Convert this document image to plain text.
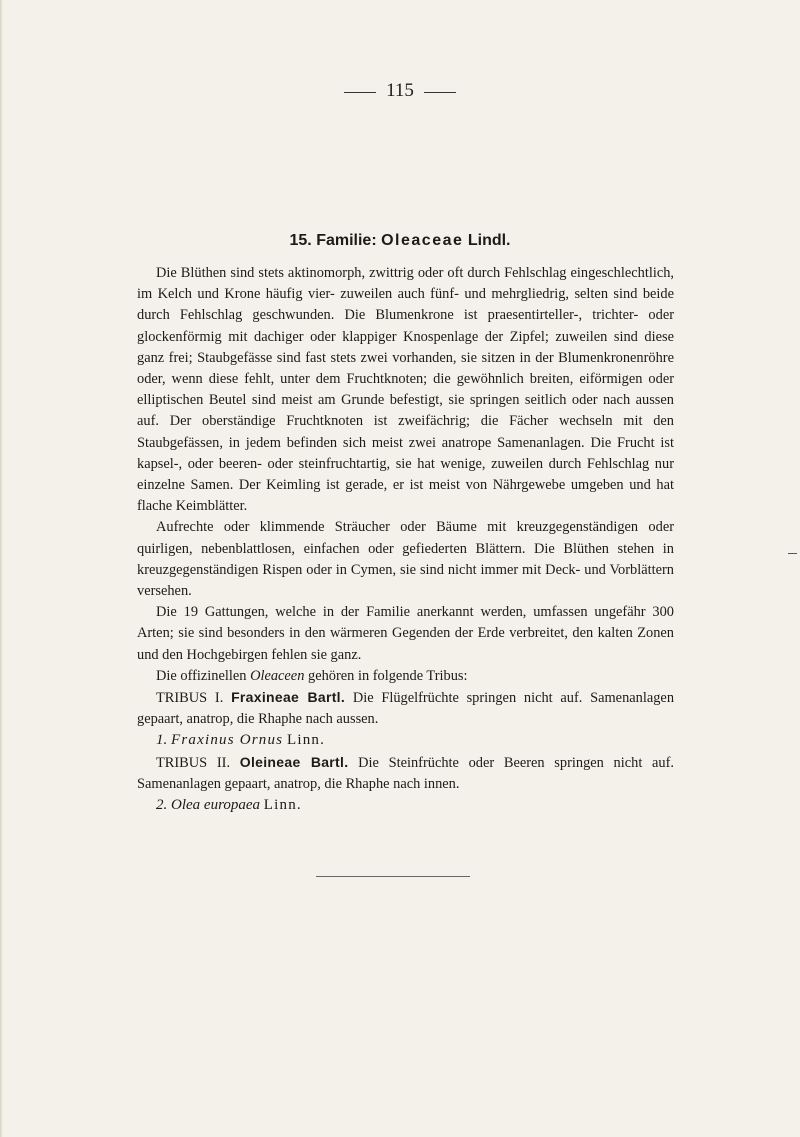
115
15. Familie: Oleaceae Lindl.

Die Blüthen sind stets aktinomorph, zwittrig oder oft durch Fehlschlag eingeschlechtlich, im Kelch und Krone häufig vier- zuweilen auch fünf- und mehrgliedrig, selten sind beide durch Fehlschlag geschwunden. Die Blumenkrone ist praesentirteller-, trichter- oder glockenförmig mit dachiger oder klappiger Knospenlage der Zipfel; zuweilen sind diese ganz frei; Staubgefässe sind fast stets zwei vorhanden, sie sitzen in der Blumenkronenröhre oder, wenn diese fehlt, unter dem Fruchtknoten; die gewöhnlich breiten, eiförmigen oder elliptischen Beutel sind meist am Grunde befestigt, sie springen seitlich oder nach aussen auf. Der oberständige Fruchtknoten ist zweifächrig; die Fächer wechseln mit den Staubgefässen, in jedem befinden sich meist zwei anatrope Samenanlagen. Die Frucht ist kapsel-, oder beeren- oder steinfruchtartig, sie hat wenige, zuweilen durch Fehlschlag nur einzelne Samen. Der Keimling ist gerade, er ist meist von Nährgewebe umgeben und hat flache Keimblätter.

Aufrechte oder klimmende Sträucher oder Bäume mit kreuzgegenständigen oder quirligen, nebenblattlosen, einfachen oder gefiederten Blättern. Die Blüthen stehen in kreuzgegenständigen Rispen oder in Cymen, sie sind nicht immer mit Deck- und Vorblättern versehen.

Die 19 Gattungen, welche in der Familie anerkannt werden, umfassen ungefähr 300 Arten; sie sind besonders in den wärmeren Gegenden der Erde verbreitet, den kalten Zonen und den Hochgebirgen fehlen sie ganz.

Die offizinellen Oleaceen gehören in folgende Tribus:

TRIBUS I. Fraxineae Bartl. Die Flügelfrüchte springen nicht auf. Samenanlagen gepaart, anatrop, die Rhaphe nach aussen.

1. Fraxinus Ornus Linn.

TRIBUS II. Oleineae Bartl. Die Steinfrüchte oder Beeren springen nicht auf. Samenanlagen gepaart, anatrop, die Rhaphe nach innen.

2. Olea europaea Linn.
